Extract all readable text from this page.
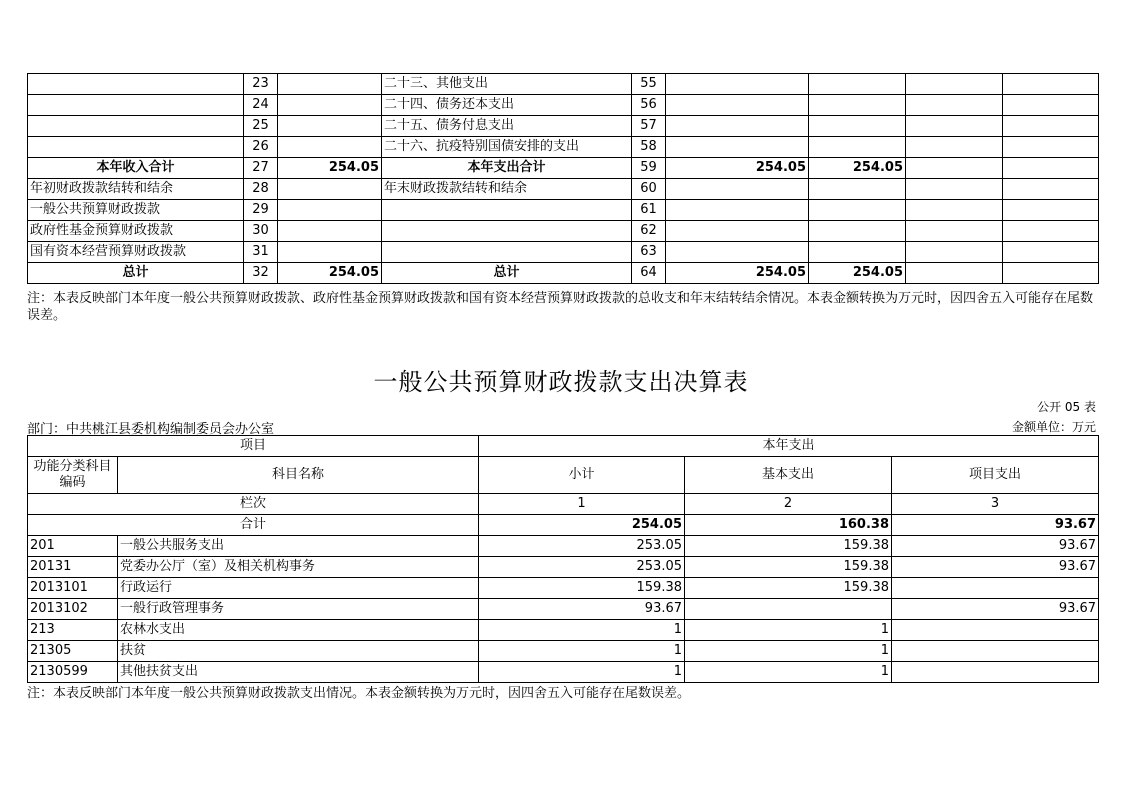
	23		二十三、其他支出	55				
	24		二十四、债务还本支出	56				
	25		二十五、债务付息支出	57				
	26		二十六、抗疫特别国债安排的支出	58				
本年收入合计	27	254.05	本年支出合计	59	254.05	254.05		
年初财政拨款结转和结余	28		年末财政拨款结转和结余	60				
一般公共预算财政拨款	29			61				
政府性基金预算财政拨款	30			62				
国有资本经营预算财政拨款	31			63				
总计	32	254.05	总计	64	254.05	254.05		
注：本表反映部门本年度一般公共预算财政拨款、政府性基金预算财政拨款和国有资本经营预算财政拨款的总收支和年末结转结余情况。本表金额转换为万元时，因四舍五入可能存在尾数误差。
一般公共预算财政拨款支出决算表
公开 05 表
部门：中共桃江县委机构编制委员会办公室	金额单位：万元
项目		本年支出		
功能分类科目编码	科目名称	小计	基本支出	项目支出
栏次		1	2	3
合计		254.05	160.38	93.67
201	一般公共服务支出	253.05	159.38	93.67
20131	党委办公厅（室）及相关机构事务	253.05	159.38	93.67
2013101	行政运行	159.38	159.38	
2013102	一般行政管理事务	93.67		93.67
213	农林水支出	1	1	
21305	扶贫	1	1	
2130599	其他扶贫支出	1	1	
注：本表反映部门本年度一般公共预算财政拨款支出情况。本表金额转换为万元时，因四舍五入可能存在尾数误差。
